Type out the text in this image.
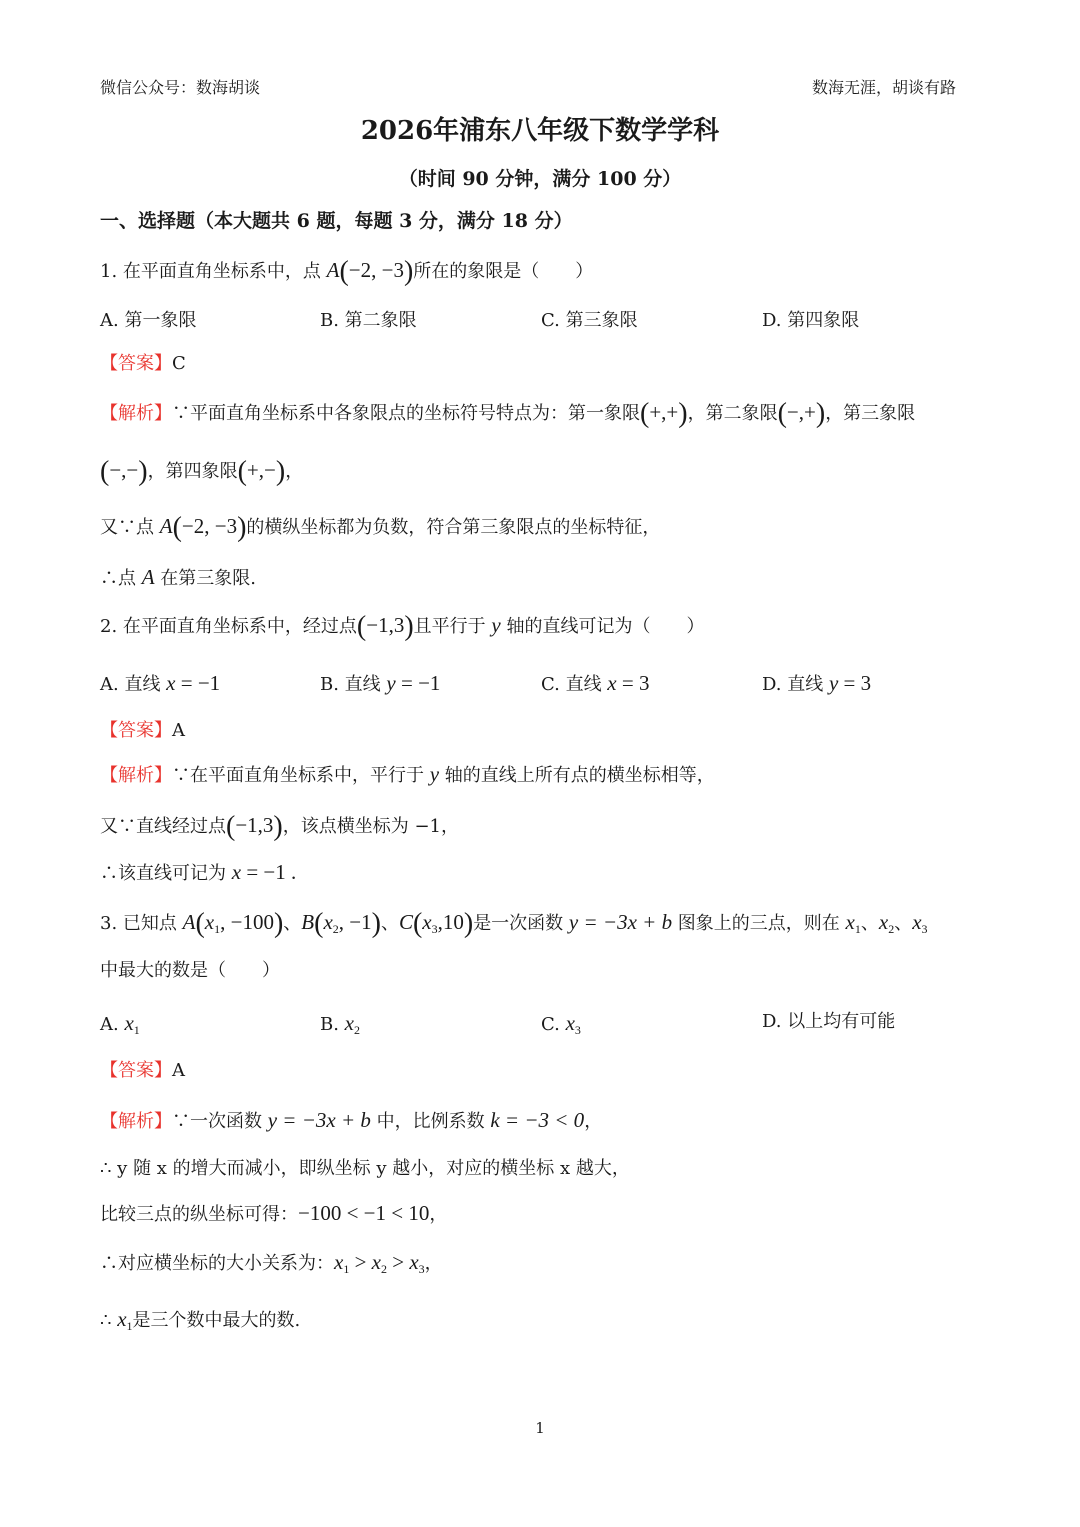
微信公众号：数海胡谈	数海无涯，胡谈有路
2026年浦东八年级下数学学科
（时间 90 分钟，满分 100 分）
一、选择题（本大题共 6 题，每题 3 分，满分 18 分）
1. 在平面直角坐标系中，点 A(−2, −3)所在的象限是（　　）
A. 第一象限	B. 第二象限	C. 第三象限	D. 第四象限
【答案】C
【解析】∵平面直角坐标系中各象限点的坐标符号特点为：第一象限(+,+)，第二象限(−,+)，第三象限
(−,−)，第四象限(+,−)，
又∵点 A(−2, −3)的横纵坐标都为负数，符合第三象限点的坐标特征，
∴点 A 在第三象限.
2. 在平面直角坐标系中，经过点(−1,3)且平行于 y 轴的直线可记为（　　）
A. 直线 x = −1	B. 直线 y = −1	C. 直线 x = 3	D. 直线 y = 3
【答案】A
【解析】∵在平面直角坐标系中，平行于 y 轴的直线上所有点的横坐标相等，
又∵直线经过点(−1,3)，该点横坐标为 −1，
∴该直线可记为 x = −1 .
3. 已知点 $A(x_1$, −100)、$B(x_2$, −1)、$C(x_3,10)$是一次函数 y = −3x + b 图象上的三点，则在 $x_1$、$x_2$、$x_3$
中最大的数是（　　）
A. $x_1$	B. $x_2$	C. $x_3$	D. 以上均有可能
【答案】A
【解析】∵一次函数 y = −3x + b 中，比例系数 k = −3 < 0，
∴ y 随 x 的增大而减小，即纵坐标 y 越小，对应的横坐标 x 越大，
比较三点的纵坐标可得：−100 < −1 < 10，
∴对应横坐标的大小关系为：$x_1 > x_2 > x_3$，
∴ $x_1$是三个数中最大的数.
1
